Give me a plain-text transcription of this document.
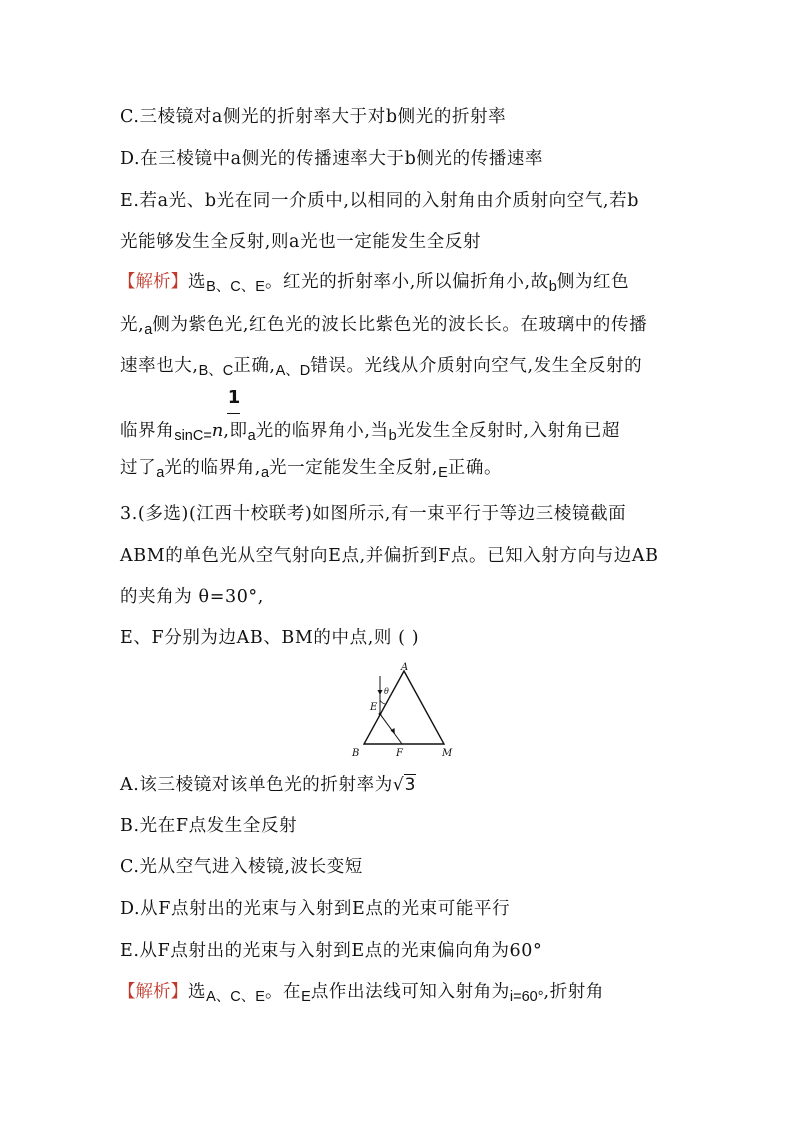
C.三棱镜对a侧光的折射率大于对b侧光的折射率
D.在三棱镜中a侧光的传播速率大于b侧光的传播速率
E.若a光、b光在同一介质中,以相同的入射角由介质射向空气,若b
光能够发生全反射,则a光也一定能发生全反射
【解析】选$_{B、C、E}$。红光的折射率小,所以偏折角小,故$_b$侧为红色
光$,_a$侧为紫色光,红色光的波长比紫色光的波长长。在玻璃中的传播
速率也大$,_{B、C}$正确$,_{A、D}$错误。光线从介质射向空气,发生全反射的
1
临界角$_{sinC=}$n,即$_a$光的临界角小,当$_b$光发生全反射时,入射角已超
过了$_a$光的临界角$,_a$光一定能发生全反射$,_E$正确。
3.(多选)(江西十校联考)如图所示,有一束平行于等边三棱镜截面
ABM的单色光从空气射向E点,并偏折到F点。已知入射方向与边AB
的夹角为 θ=30°,
E、F分别为边AB、BM的中点,则 ( )
A
B	M
E
F
θ
A.该三棱镜对该单色光的折射率为√3
B.光在F点发生全反射
C.光从空气进入棱镜,波长变短
D.从F点射出的光束与入射到E点的光束可能平行
E.从F点射出的光束与入射到E点的光束偏向角为60°
【解析】选$_{A、C、E}$。在$_E$点作出法线可知入射角为$_{i=60^\circ}$,折射角
